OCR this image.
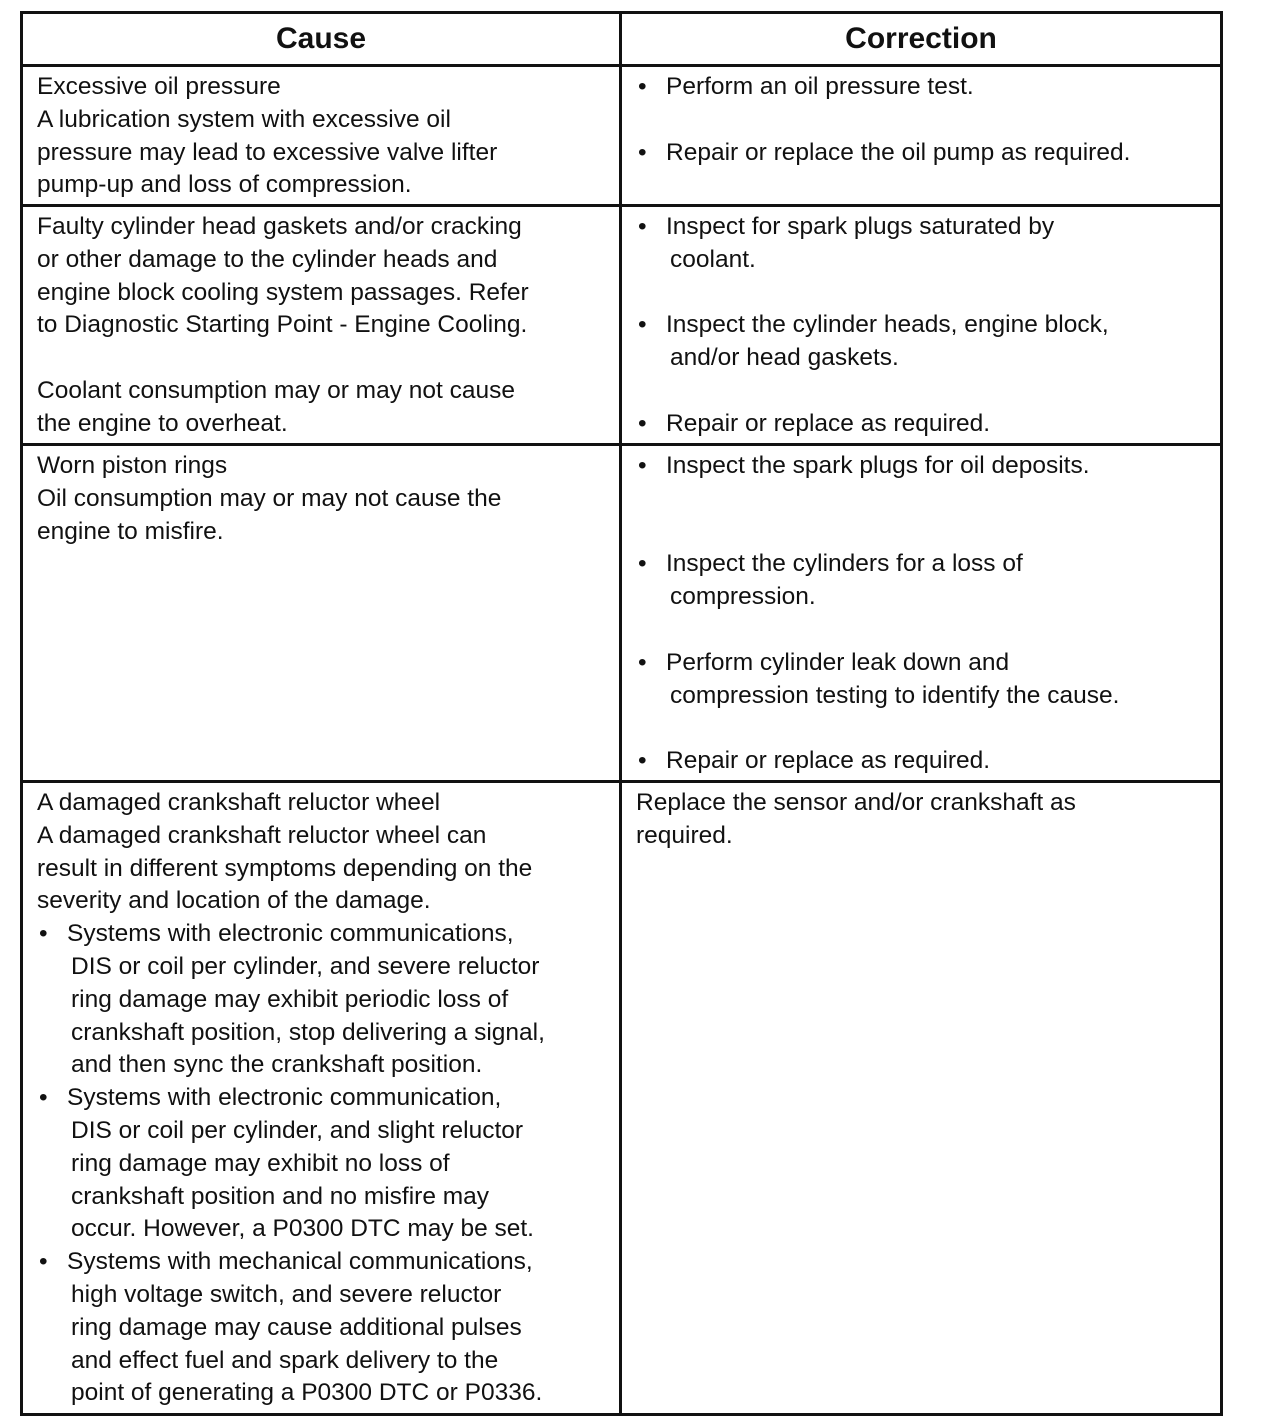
Cause	Correction
Excessive oil pressure
A lubrication system with excessive oil
pressure may lead to excessive valve lifter
pump-up and loss of compression.
• Perform an oil pressure test.
• Repair or replace the oil pump as required.
Faulty cylinder head gaskets and/or cracking
or other damage to the cylinder heads and
engine block cooling system passages. Refer
to Diagnostic Starting Point - Engine Cooling.
Coolant consumption may or may not cause
the engine to overheat.
• Inspect for spark plugs saturated by
coolant.
• Inspect the cylinder heads, engine block,
and/or head gaskets.
• Repair or replace as required.
Worn piston rings
Oil consumption may or may not cause the
engine to misfire.
• Inspect the spark plugs for oil deposits.
• Inspect the cylinders for a loss of
compression.
• Perform cylinder leak down and
compression testing to identify the cause.
• Repair or replace as required.
A damaged crankshaft reluctor wheel
A damaged crankshaft reluctor wheel can
result in different symptoms depending on the
severity and location of the damage.
• Systems with electronic communications,
DIS or coil per cylinder, and severe reluctor
ring damage may exhibit periodic loss of
crankshaft position, stop delivering a signal,
and then sync the crankshaft position.
• Systems with electronic communication,
DIS or coil per cylinder, and slight reluctor
ring damage may exhibit no loss of
crankshaft position and no misfire may
occur. However, a P0300 DTC may be set.
• Systems with mechanical communications,
high voltage switch, and severe reluctor
ring damage may cause additional pulses
and effect fuel and spark delivery to the
point of generating a P0300 DTC or P0336.
Replace the sensor and/or crankshaft as
required.
